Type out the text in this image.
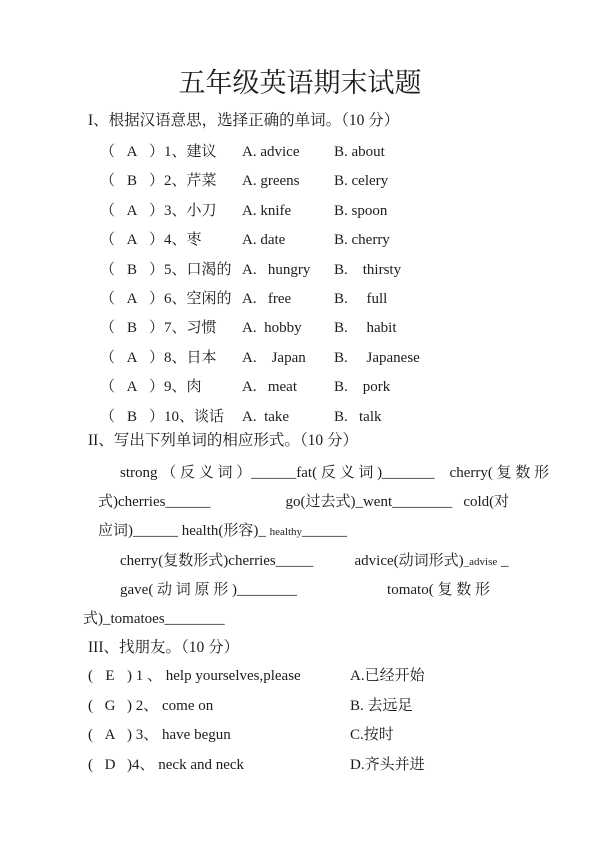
五年级英语期末试题
I、根据汉语意思，选择正确的单词。（10 分）
（ A ） 1、建议 A. advice B. about
（ B ） 2、芹菜 A. greens B. celery
（ A ） 3、小刀 A. knife	B. spoon
（ A ） 4、枣	A. date	B. cherry
（ B ） 5、口渴的 A.   hungry B.    thirsty
（ A ） 6、空闲的 A.   free	B.     full
（ B ） 7、习惯 A.  hobby B.     habit
（ A ） 8、日本 A.    Japan B.     Japanese
（ A ） 9、肉	A.   meat B.    pork
（ B ） 10、谈话 A.  take	B.   talk
II、写出下列单词的相应形式。（10 分）
strong （ 反 义 词 ）______fat( 反 义 词 )_______    cherry( 复 数 形
式)cherries______                    go(过去式)_went________   cold(对
应词)______ health(形容)_ healthy______
cherry(复数形式)cherries_____           advice(动词形式)_advise _
gave( 动 词 原 形 )________                        tomato( 复 数 形
式)_tomatoes________
III、找朋友。（10 分）
( E ) 1 、 help yourselves,please	A.已经开始
( G ) 2、 come on	B. 去远足
( A ) 3、 have begun	C.按时
( D ) 4、 neck and neck	D.齐头并进
